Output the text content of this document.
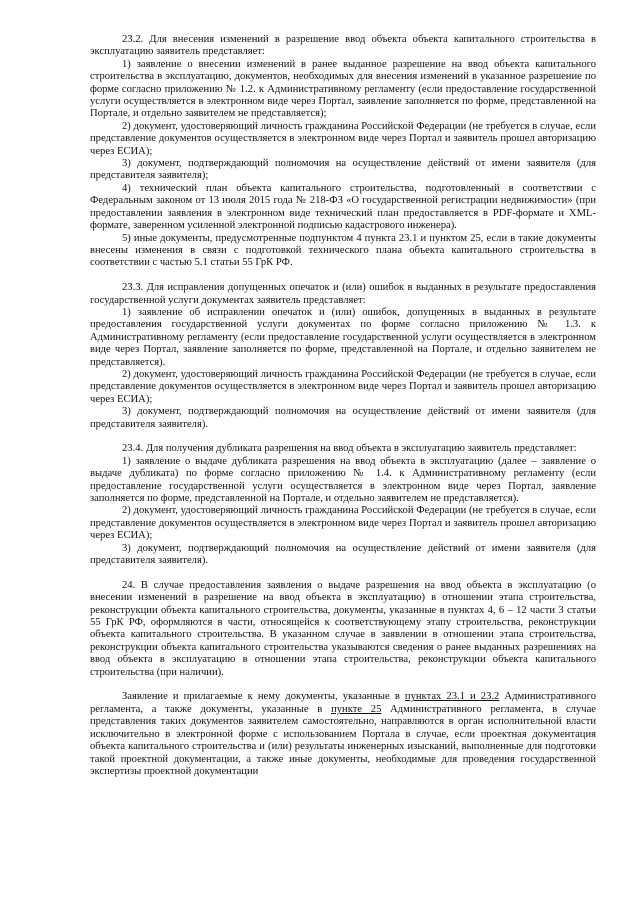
23.2. Для внесения изменений в разрешение ввод объекта объекта капитального строительства в эксплуатацию заявитель представляет:

1) заявление о внесении изменений в ранее выданное разрешение на ввод объекта капитального строительства в эксплуатацию, документов, необходимых для внесения изменений в указанное разрешение по форме согласно приложению № 1.2. к Административному регламенту (если предоставление государственной услуги осуществляется в электронном виде через Портал, заявление заполняется по форме, представленной на Портале, и отдельно заявителем не представляется);

2) документ, удостоверяющий личность гражданина Российской Федерации (не требуется в случае, если представление документов осуществляется в электронном виде через Портал и заявитель прошел авторизацию через ЕСИА);

3) документ, подтверждающий полномочия на осуществление действий от имени заявителя (для представителя заявителя);

4) технический план объекта капитального строительства, подготовленный в соответствии с Федеральным законом от 13 июля 2015 года № 218-ФЗ «О государственной регистрации недвижимости» (при предоставлении заявления в электронном виде технический план предоставляется в PDF-формате и XML-формате, заверенном усиленной электронной подписью кадастрового инженера).

5) иные документы, предусмотренные подпунктом 4 пункта 23.1 и пунктом 25, если в такие документы внесены изменения в связи с подготовкой технического плана объекта капитального строительства в соответствии с частью 5.1 статьи 55 ГрК РФ.

23.3. Для исправления допущенных опечаток и (или) ошибок в выданных в результате предоставления государственной услуги документах заявитель представляет:

1) заявление об исправлении опечаток и (или) ошибок, допущенных в выданных в результате предоставления государственной услуги документах по форме согласно приложению № 1.3. к Административному регламенту (если предоставление государственной услуги осуществляется в электронном виде через Портал, заявление заполняется по форме, представленной на Портале, и отдельно заявителем не представляется).

2) документ, удостоверяющий личность гражданина Российской Федерации (не требуется в случае, если представление документов осуществляется в электронном виде через Портал и заявитель прошел авторизацию через ЕСИА);

3) документ, подтверждающий полномочия на осуществление действий от имени заявителя (для представителя заявителя).

23.4. Для получения дубликата разрешения на ввод объекта в эксплуатацию заявитель представляет:

1) заявление о выдаче дубликата разрешения на ввод объекта в эксплуатацию (далее – заявление о выдаче дубликата) по форме согласно приложению № 1.4. к Административному регламенту (если предоставление государственной услуги осуществляется в электронном виде через Портал, заявление заполняется по форме, представленной на Портале, и отдельно заявителем не представляется).

2) документ, удостоверяющий личность гражданина Российской Федерации (не требуется в случае, если представление документов осуществляется в электронном виде через Портал и заявитель прошел авторизацию через ЕСИА);

3) документ, подтверждающий полномочия на осуществление действий от имени заявителя (для представителя заявителя).

24. В случае предоставления заявления о выдаче разрешения на ввод объекта в эксплуатацию (о внесении изменений в разрешение на ввод объекта в эксплуатацию) в отношении этапа строительства, реконструкции объекта капитального строительства, документы, указанные в пунктах 4, 6 – 12 части 3 статьи 55 ГрК РФ, оформляются в части, относящейся к соответствующему этапу строительства, реконструкции объекта капитального строительства. В указанном случае в заявлении в отношении этапа строительства, реконструкции объекта капитального строительства указываются сведения о ранее выданных разрешениях на ввод объекта в эксплуатацию в отношении этапа строительства, реконструкции объекта капитального строительства (при наличии).

Заявление и прилагаемые к нему документы, указанные в пунктах 23.1 и 23.2 Административного регламента, а также документы, указанные в пункте 25 Административного регламента, в случае представления таких документов заявителем самостоятельно, направляются в орган исполнительной власти исключительно в электронной форме с использованием Портала в случае, если проектная документация объекта капитального строительства и (или) результаты инженерных изысканий, выполненные для подготовки такой проектной документации, а также иные документы, необходимые для проведения государственной экспертизы проектной документации
